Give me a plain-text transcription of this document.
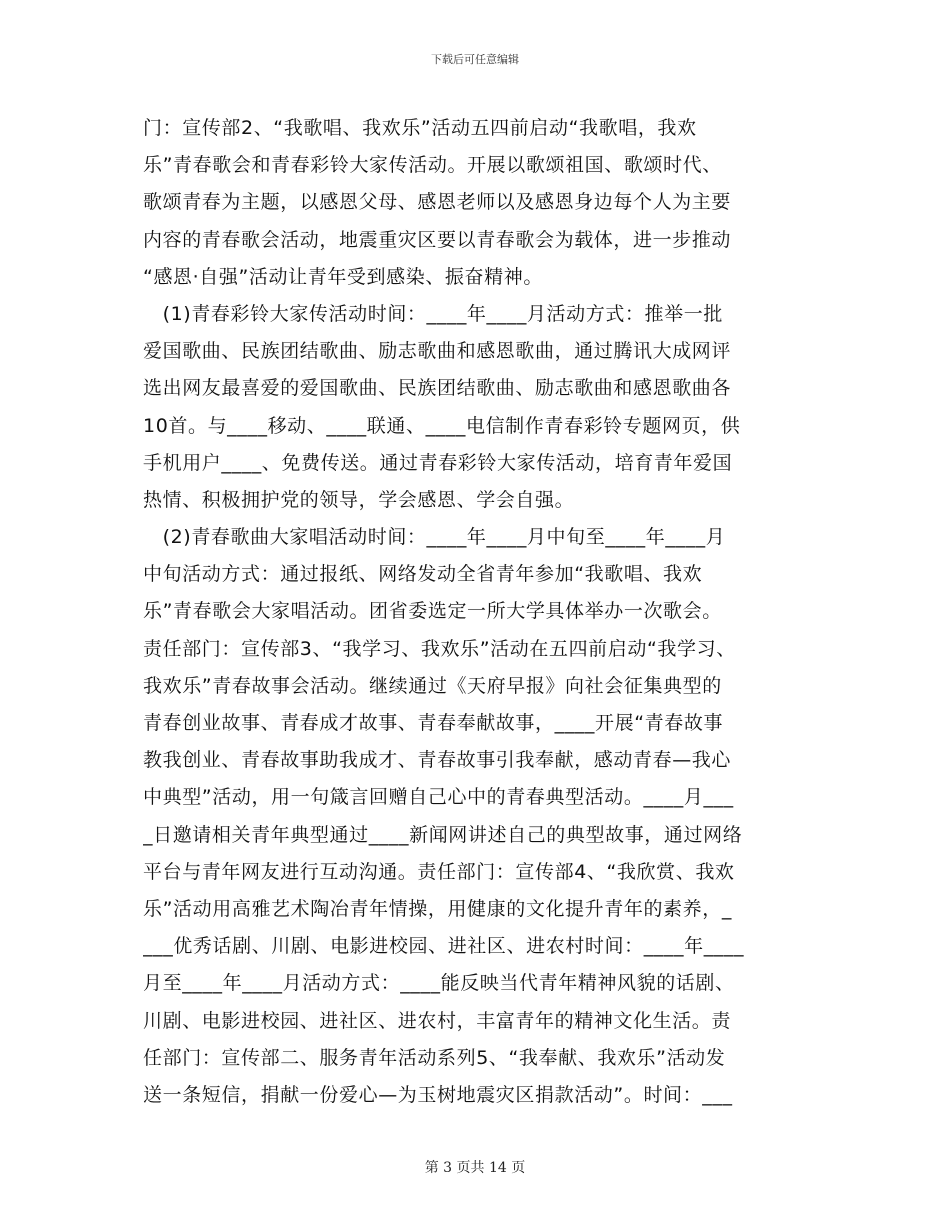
下载后可任意编辑
门：宣传部2、“我歌唱、我欢乐”活动五四前启动“我歌唱，我欢
乐”青春歌会和青春彩铃大家传活动。开展以歌颂祖国、歌颂时代、
歌颂青春为主题，以感恩父母、感恩老师以及感恩身边每个人为主要
内容的青春歌会活动，地震重灾区要以青春歌会为载体，进一步推动
“感恩·自强”活动让青年受到感染、振奋精神。
　(1)青春彩铃大家传活动时间：____年____月活动方式：推举一批
爱国歌曲、民族团结歌曲、励志歌曲和感恩歌曲，通过腾讯大成网评
选出网友最喜爱的爱国歌曲、民族团结歌曲、励志歌曲和感恩歌曲各
10首。与____移动、____联通、____电信制作青春彩铃专题网页，供
手机用户____、免费传送。通过青春彩铃大家传活动，培育青年爱国
热情、积极拥护党的领导，学会感恩、学会自强。
　(2)青春歌曲大家唱活动时间：____年____月中旬至____年____月
中旬活动方式：通过报纸、网络发动全省青年参加“我歌唱、我欢
乐”青春歌会大家唱活动。团省委选定一所大学具体举办一次歌会。
责任部门：宣传部3、“我学习、我欢乐”活动在五四前启动“我学习、
我欢乐”青春故事会活动。继续通过《天府早报》向社会征集典型的
青春创业故事、青春成才故事、青春奉献故事，____开展“青春故事
教我创业、青春故事助我成才、青春故事引我奉献，感动青春—我心
中典型”活动，用一句箴言回赠自己心中的青春典型活动。____月___
_日邀请相关青年典型通过____新闻网讲述自己的典型故事，通过网络
平台与青年网友进行互动沟通。责任部门：宣传部4、“我欣赏、我欢
乐”活动用高雅艺术陶冶青年情操，用健康的文化提升青年的素养，_
___优秀话剧、川剧、电影进校园、进社区、进农村时间：____年____
月至____年____月活动方式：____能反映当代青年精神风貌的话剧、
川剧、电影进校园、进社区、进农村，丰富青年的精神文化生活。责
任部门：宣传部二、服务青年活动系列5、“我奉献、我欢乐”活动发
送一条短信，捐献一份爱心—为玉树地震灾区捐款活动”。时间：___
第 3 页共 14 页
